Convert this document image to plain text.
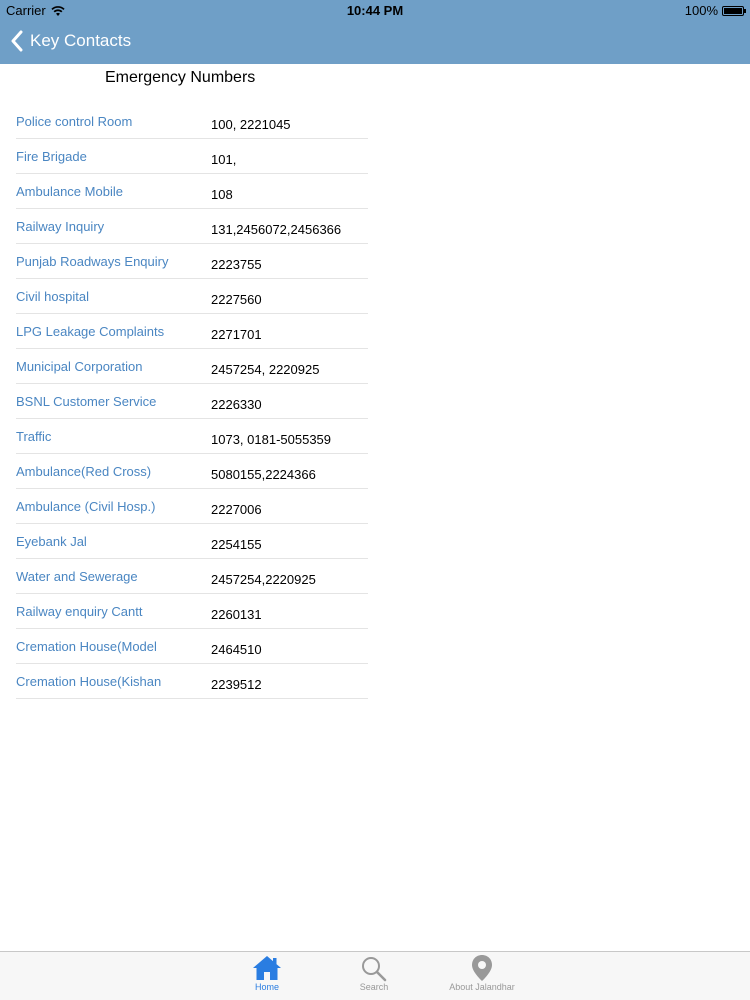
Carrier	10:44 PM	100%
Key Contacts
Emergency Numbers
Police control Room	100, 2221045
Fire Brigade	101,
Ambulance Mobile	108
Railway Inquiry	131,2456072,2456366
Punjab Roadways Enquiry	2223755
Civil hospital	2227560
LPG Leakage Complaints	2271701
Municipal Corporation	2457254, 2220925
BSNL Customer Service	2226330
Traffic	1073, 0181-5055359
Ambulance(Red Cross)	5080155,2224366
Ambulance (Civil Hosp.)	2227006
Eyebank Jal	2254155
Water and Sewerage	2457254,2220925
Railway enquiry Cantt	2260131
Cremation House(Model	2464510
Cremation House(Kishan	2239512
Home	Search	About Jalandhar
